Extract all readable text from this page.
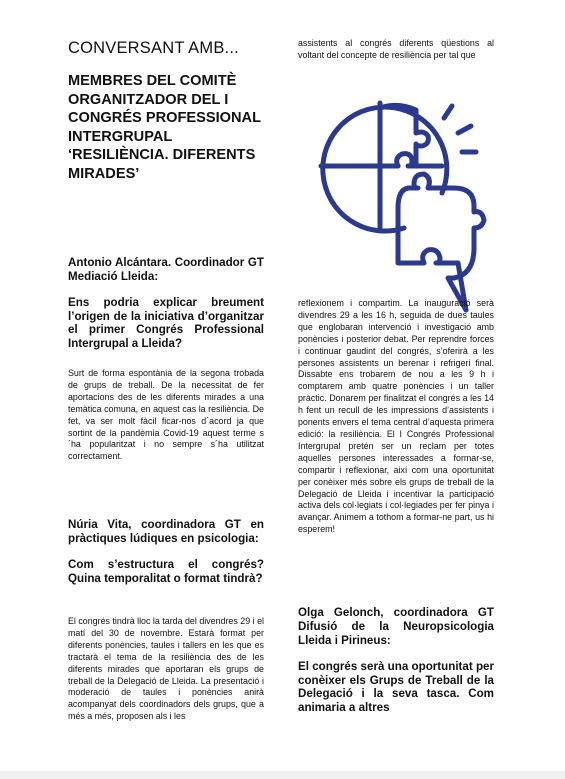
CONVERSANT AMB...

MEMBRES DEL COMITÈ ORGANITZADOR DEL I CONGRÉS PROFESSIONAL INTERGRUPAL ‘RESILIÈNCIA. DIFERENTS MIRADES’

Antonio Alcántara. Coordinador GT Mediació Lleida:

Ens podria explicar breument l’origen de la iniciativa d’organitzar el primer Congrés Professional Intergrupal a Lleida?

Surt de forma espontània de la segona trobada de grups de treball. De la necessitat de fer aportacions des de les diferents mirades a una temàtica comuna, en aquest cas la resiliència. De fet, va ser molt fàcil ficar-nos d´acord ja que sortint de la pandèmia Covid-19 aquest terme s´ha popularitzat i no sempre s´ha utilitzat correctament.

Núria Vita, coordinadora GT en pràctiques lúdiques en psicologia:

Com s’estructura el congrés? Quina temporalitat o format tindrà?

El congrés tindrà lloc la tarda del divendres 29 i el matí del 30 de novembre. Estarà format per diferents ponències, taules i tallers en les que es tractarà el tema de la resiliència des de les diferents mirades que aportaran els grups de treball de la Delegació de Lleida. La presentació i moderació de taules i ponències anirà acompanyat dels coordinadors dels grups, que a més a més, proposen als i les

assistents al congrés diferents qüestions al voltant del concepte de resiliència per tal que

reflexionem i compartim. La inauguració serà divendres 29 a les 16 h, seguida de dues taules que englobaran intervenció i investigació amb ponències i posterior debat. Per reprendre forces i continuar gaudint del congrés, s’oferirà a les persones assistents un berenar i refrigeri final. Dissabte ens trobarem de nou a les 9 h i comptarem amb quatre ponències i un taller pràctic. Donarem per finalitzat el congrés a les 14 h fent un recull de les impressions d’assistents i ponents envers el tema central d’aquesta primera edició: la resiliència. El I Congrés Professional Intergrupal pretén ser un reclam per totes aquelles persones interessades a formar-se, compartir i reflexionar, així com una oportunitat per conèixer més sobre els grups de treball de la Delegació de Lleida i incentivar la participació activa dels col·legiats i col·legiades per fer pinya i avançar. Animem a tothom a formar-ne part, us hi esperem!

Olga Gelonch, coordinadora GT Difusió de la Neuropsicologia Lleida i Pirineus:

El congrés serà una oportunitat per conèixer els Grups de Treball de la Delegació i la seva tasca. Com animaria a altres
